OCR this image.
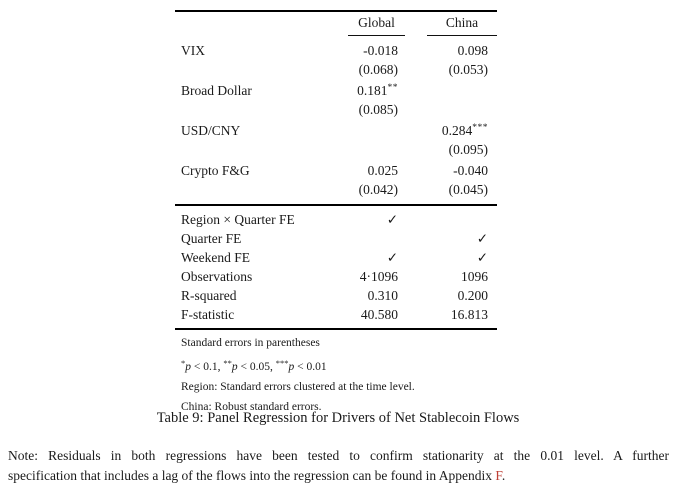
	Global	China

VIX	-0.018	0.098
	(0.068)	(0.053)
Broad Dollar	0.181**	
	(0.085)	
USD/CNY		0.284***
		(0.095)
Crypto F&G	0.025	-0.040
	(0.042)	(0.045)
Region × Quarter FE	✓	
Quarter FE		✓
Weekend FE	✓	✓
Observations	4·1096	1096
R-squared	0.310	0.200
F-statistic	40.580	16.813
Standard errors in parentheses
*p < 0.1, **p < 0.05, ***p < 0.01
Region: Standard errors clustered at the time level.
China: Robust standard errors.
Table 9: Panel Regression for Drivers of Net Stablecoin Flows
Note: Residuals in both regressions have been tested to confirm stationarity at the 0.01 level. A further
specification that includes a lag of the flows into the regression can be found in Appendix F.
